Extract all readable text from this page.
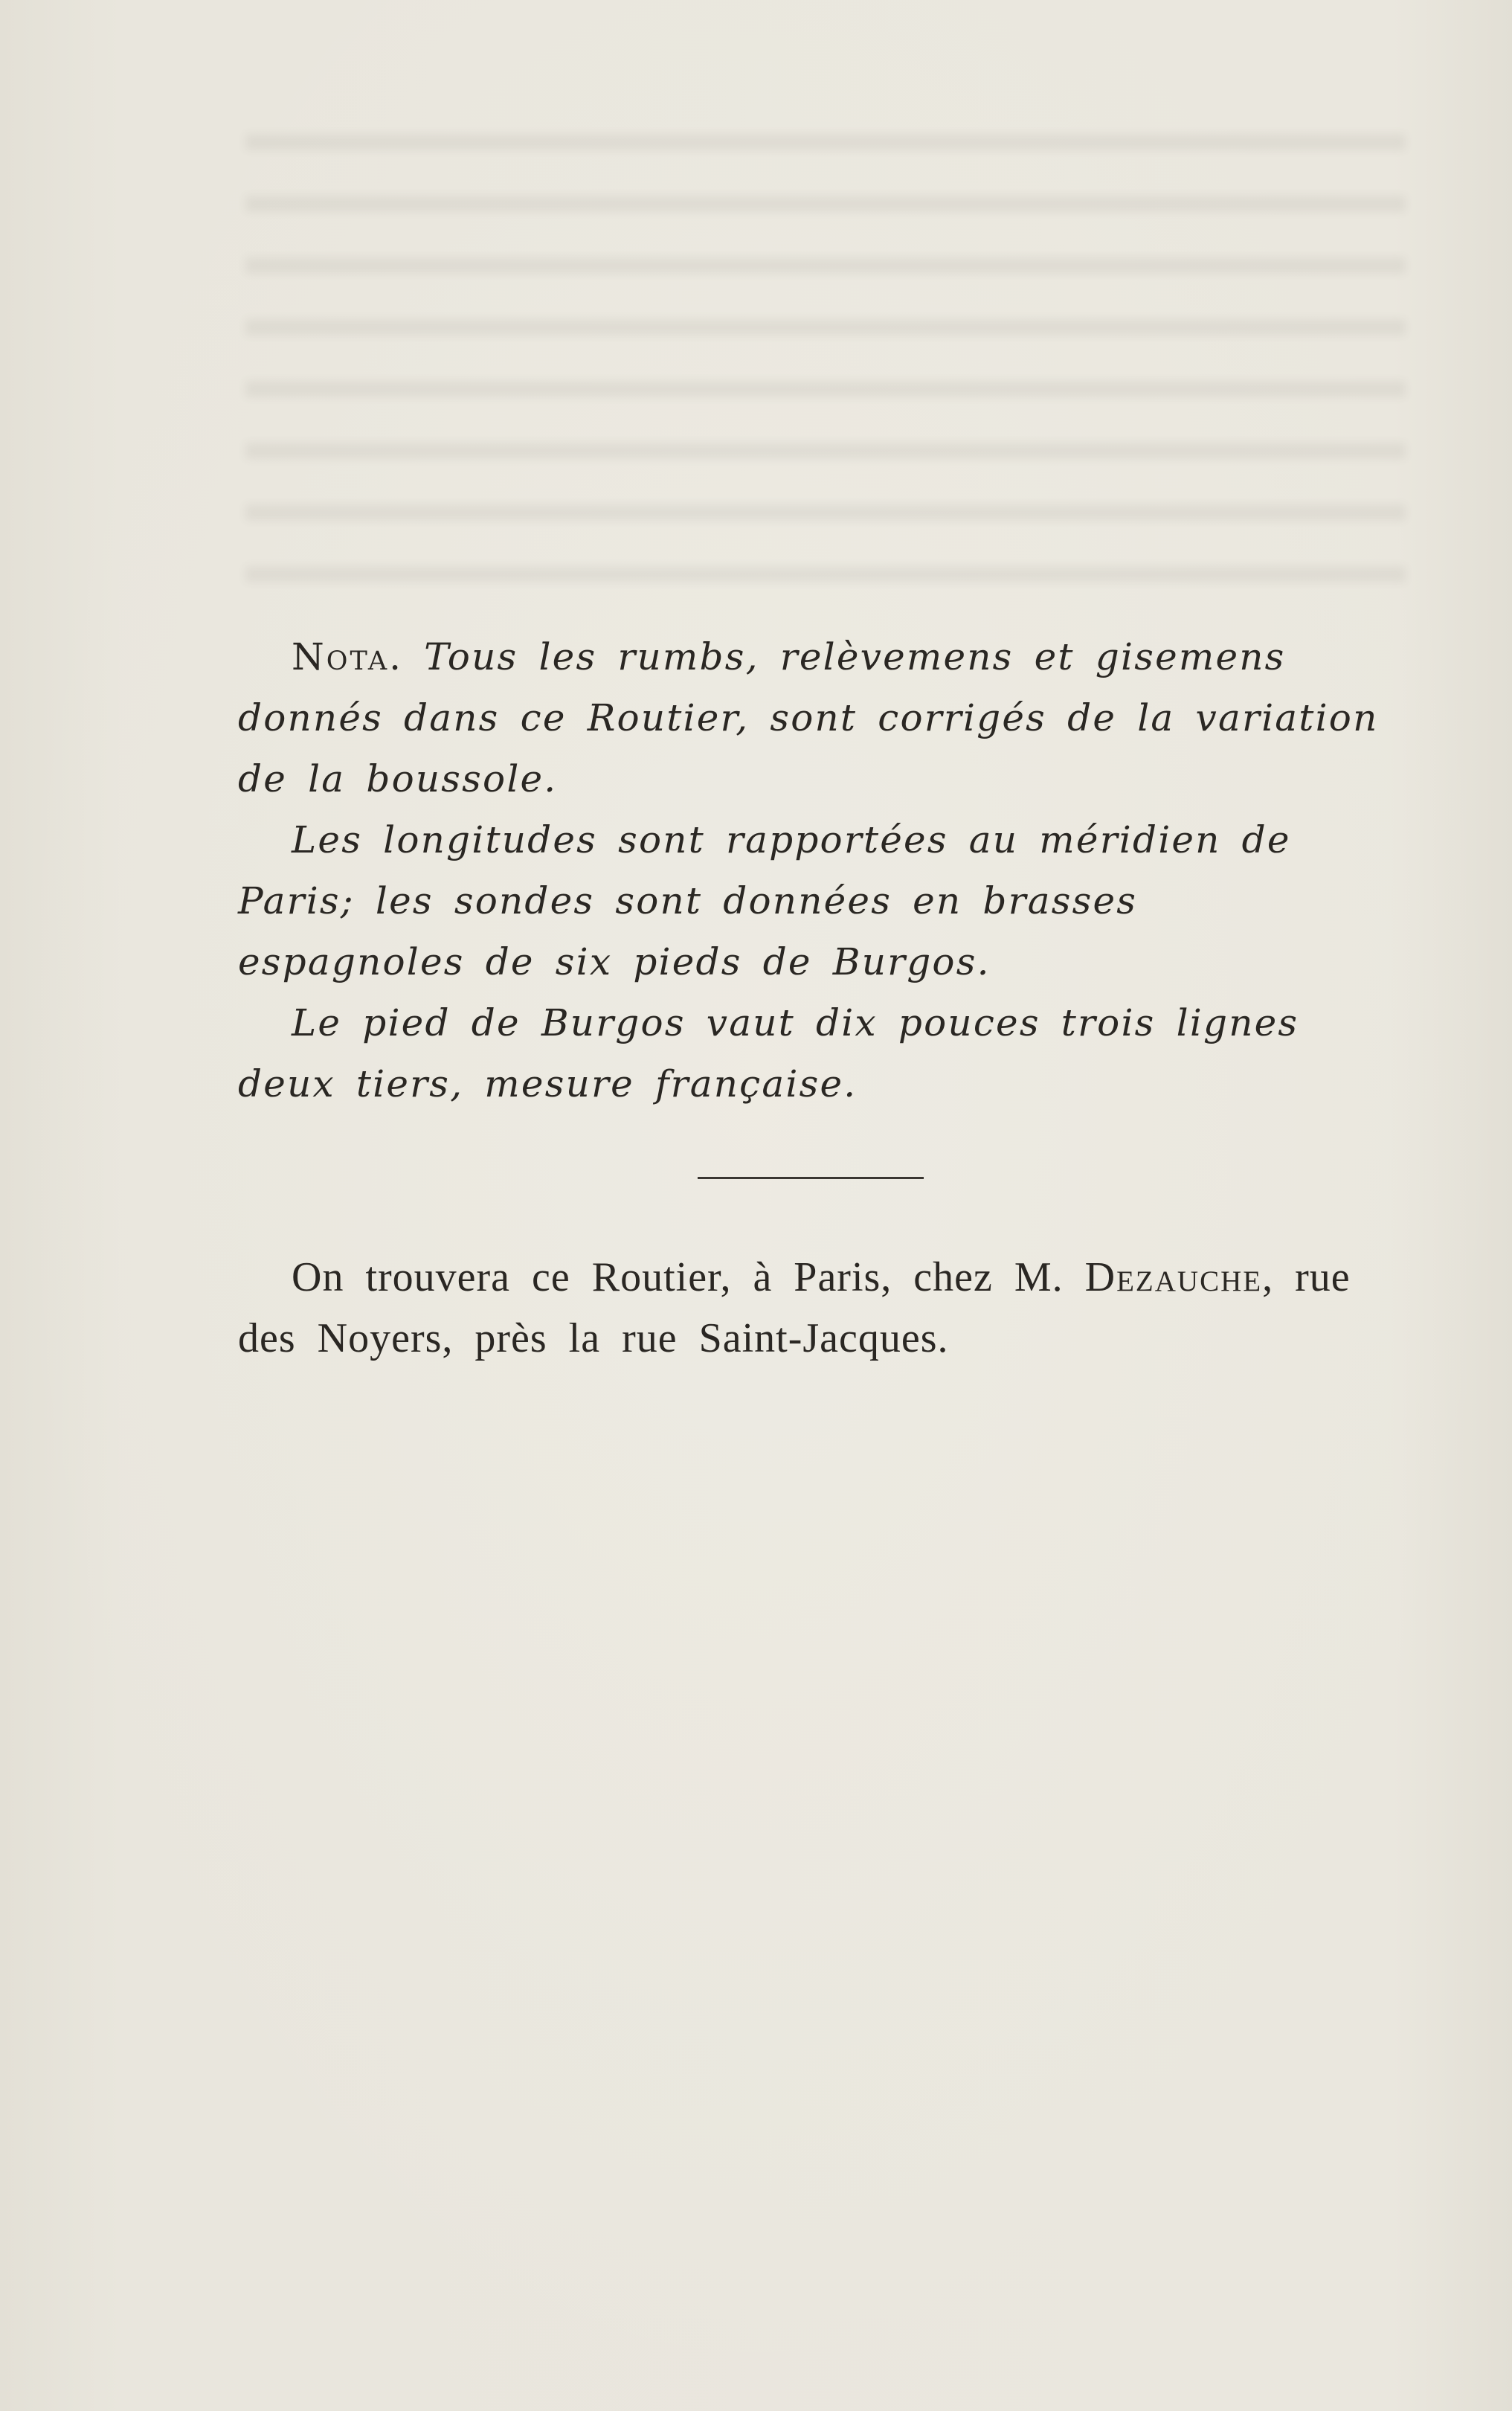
Nota. Tous les rumbs, relèvemens et gisemens donnés dans ce Routier, sont corrigés de la variation de la boussole.

Les longitudes sont rapportées au méridien de Paris; les sondes sont données en brasses espagnoles de six pieds de Burgos.

Le pied de Burgos vaut dix pouces trois lignes deux tiers, mesure française.

On trouvera ce Routier, à Paris, chez M. Dezauche, rue des Noyers, près la rue Saint-Jacques.
